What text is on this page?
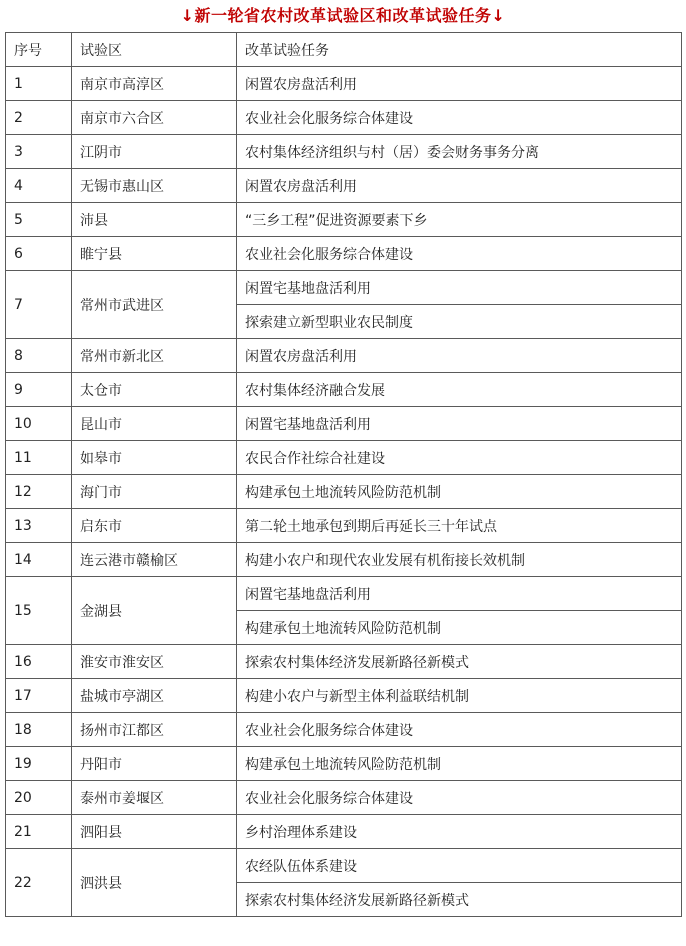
↓新一轮省农村改革试验区和改革试验任务↓
序号	试验区	改革试验任务
1	南京市高淳区	闲置农房盘活利用
2	南京市六合区	农业社会化服务综合体建设
3	江阴市	农村集体经济组织与村（居）委会财务事务分离
4	无锡市惠山区	闲置农房盘活利用
5	沛县	“三乡工程”促进资源要素下乡
6	睢宁县	农业社会化服务综合体建设
7	常州市武进区	闲置宅基地盘活利用
		探索建立新型职业农民制度
8	常州市新北区	闲置农房盘活利用
9	太仓市	农村集体经济融合发展
10	昆山市	闲置宅基地盘活利用
11	如皋市	农民合作社综合社建设
12	海门市	构建承包土地流转风险防范机制
13	启东市	第二轮土地承包到期后再延长三十年试点
14	连云港市赣榆区	构建小农户和现代农业发展有机衔接长效机制
15	金湖县	闲置宅基地盘活利用
		构建承包土地流转风险防范机制
16	淮安市淮安区	探索农村集体经济发展新路径新模式
17	盐城市亭湖区	构建小农户与新型主体利益联结机制
18	扬州市江都区	农业社会化服务综合体建设
19	丹阳市	构建承包土地流转风险防范机制
20	泰州市姜堰区	农业社会化服务综合体建设
21	泗阳县	乡村治理体系建设
22	泗洪县	农经队伍体系建设
		探索农村集体经济发展新路径新模式
